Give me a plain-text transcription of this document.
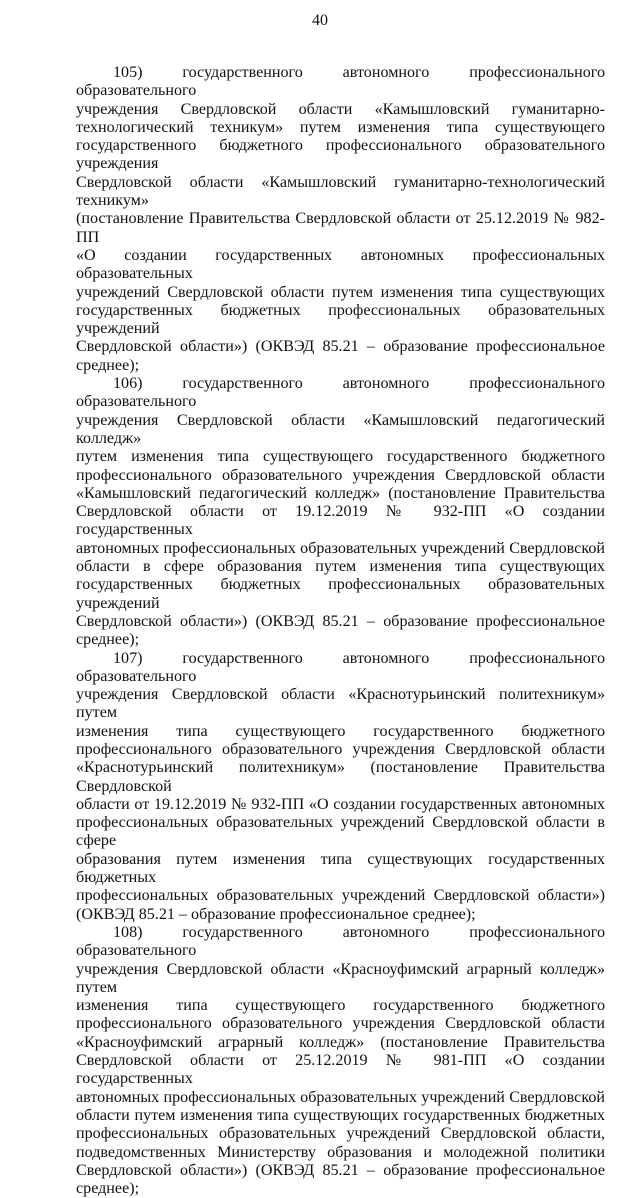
40
105) государственного автономного профессионального образовательного
учреждения Свердловской области «Камышловский гуманитарно-
технологический техникум» путем изменения типа существующего
государственного бюджетного профессионального образовательного учреждения
Свердловской области «Камышловский гуманитарно-технологический техникум»
(постановление Правительства Свердловской области от 25.12.2019 № 982-ПП
«О создании государственных автономных профессиональных образовательных
учреждений Свердловской области путем изменения типа существующих
государственных бюджетных профессиональных образовательных учреждений
Свердловской области») (ОКВЭД 85.21 – образование профессиональное
среднее);
106) государственного автономного профессионального образовательного
учреждения Свердловской области «Камышловский педагогический колледж»
путем изменения типа существующего государственного бюджетного
профессионального образовательного учреждения Свердловской области
«Камышловский педагогический колледж» (постановление Правительства
Свердловской области от 19.12.2019 № 932-ПП «О создании государственных
автономных профессиональных образовательных учреждений Свердловской
области в сфере образования путем изменения типа существующих
государственных бюджетных профессиональных образовательных учреждений
Свердловской области») (ОКВЭД 85.21 – образование профессиональное
среднее);
107) государственного автономного профессионального образовательного
учреждения Свердловской области «Краснотурьинский политехникум» путем
изменения типа существующего государственного бюджетного
профессионального образовательного учреждения Свердловской области
«Краснотурьинский политехникум» (постановление Правительства Свердловской
области от 19.12.2019 № 932-ПП «О создании государственных автономных
профессиональных образовательных учреждений Свердловской области в сфере
образования путем изменения типа существующих государственных бюджетных
профессиональных образовательных учреждений Свердловской области»)
(ОКВЭД 85.21 – образование профессиональное среднее);
108) государственного автономного профессионального образовательного
учреждения Свердловской области «Красноуфимский аграрный колледж» путем
изменения типа существующего государственного бюджетного
профессионального образовательного учреждения Свердловской области
«Красноуфимский аграрный колледж» (постановление Правительства
Свердловской области от 25.12.2019 № 981-ПП «О создании государственных
автономных профессиональных образовательных учреждений Свердловской
области путем изменения типа существующих государственных бюджетных
профессиональных образовательных учреждений Свердловской области,
подведомственных Министерству образования и молодежной политики
Свердловской области») (ОКВЭД 85.21 – образование профессиональное
среднее);
